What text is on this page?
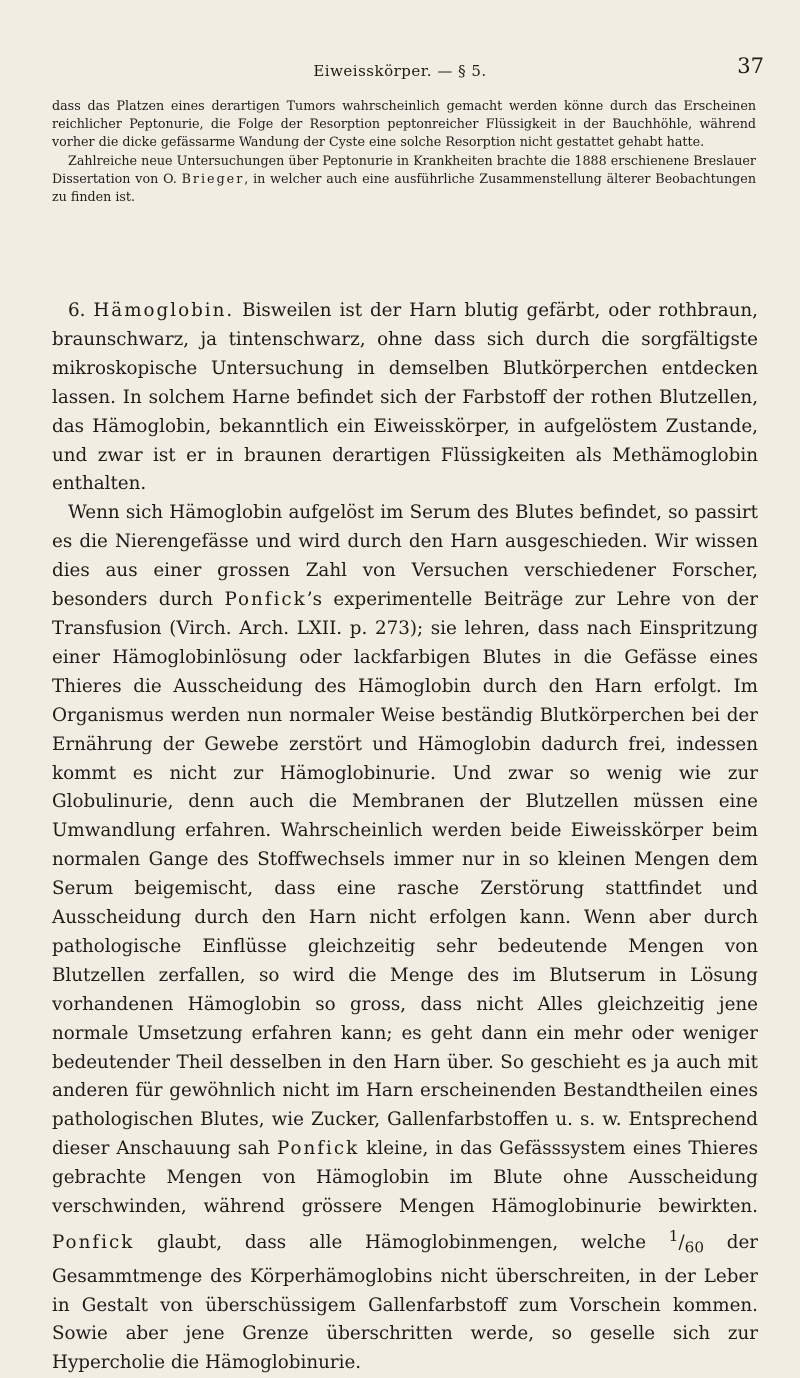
Eiweisskörper. — § 5.	37

dass das Platzen eines derartigen Tumors wahrscheinlich gemacht werden könne durch das Erscheinen reichlicher Peptonurie, die Folge der Resorption peptonreicher Flüssigkeit in der Bauchhöhle, während vorher die dicke gefässarme Wandung der Cyste eine solche Resorption nicht gestattet gehabt hatte.

Zahlreiche neue Untersuchungen über Peptonurie in Krankheiten brachte die 1888 erschienene Breslauer Dissertation von O. Brieger, in welcher auch eine ausführliche Zusammenstellung älterer Beobachtungen zu finden ist.

6. Hämoglobin. Bisweilen ist der Harn blutig gefärbt, oder rothbraun, braunschwarz, ja tintenschwarz, ohne dass sich durch die sorgfältigste mikroskopische Untersuchung in demselben Blutkörperchen entdecken lassen. In solchem Harne befindet sich der Farbstoff der rothen Blutzellen, das Hämoglobin, bekanntlich ein Eiweisskörper, in aufgelöstem Zustande, und zwar ist er in braunen derartigen Flüssigkeiten als Methämoglobin enthalten.

Wenn sich Hämoglobin aufgelöst im Serum des Blutes befindet, so passirt es die Nierengefässe und wird durch den Harn ausgeschieden. Wir wissen dies aus einer grossen Zahl von Versuchen verschiedener Forscher, besonders durch Ponfick’s experimentelle Beiträge zur Lehre von der Transfusion (Virch. Arch. LXII. p. 273); sie lehren, dass nach Einspritzung einer Hämoglobinlösung oder lackfarbigen Blutes in die Gefässe eines Thieres die Ausscheidung des Hämoglobin durch den Harn erfolgt. Im Organismus werden nun normaler Weise beständig Blutkörperchen bei der Ernährung der Gewebe zerstört und Hämoglobin dadurch frei, indessen kommt es nicht zur Hämoglobinurie. Und zwar so wenig wie zur Globulinurie, denn auch die Membranen der Blutzellen müssen eine Umwandlung erfahren. Wahrscheinlich werden beide Eiweisskörper beim normalen Gange des Stoffwechsels immer nur in so kleinen Mengen dem Serum beigemischt, dass eine rasche Zerstörung stattfindet und Ausscheidung durch den Harn nicht erfolgen kann. Wenn aber durch pathologische Einflüsse gleichzeitig sehr bedeutende Mengen von Blutzellen zerfallen, so wird die Menge des im Blutserum in Lösung vorhandenen Hämoglobin so gross, dass nicht Alles gleichzeitig jene normale Umsetzung erfahren kann; es geht dann ein mehr oder weniger bedeutender Theil desselben in den Harn über. So geschieht es ja auch mit anderen für gewöhnlich nicht im Harn erscheinenden Bestandtheilen eines pathologischen Blutes, wie Zucker, Gallenfarbstoffen u. s. w. Entsprechend dieser Anschauung sah Ponfick kleine, in das Gefässsystem eines Thieres gebrachte Mengen von Hämoglobin im Blute ohne Ausscheidung verschwinden, während grössere Mengen Hämoglobinurie bewirkten. Ponfick glaubt, dass alle Hämoglobinmengen, welche $^1/_{60}$ der Gesammtmenge des Körperhämoglobins nicht überschreiten, in der Leber in Gestalt von überschüssigem Gallenfarbstoff zum Vorschein kommen. Sowie aber jene Grenze überschritten werde, so geselle sich zur Hypercholie die Hämoglobinurie.
